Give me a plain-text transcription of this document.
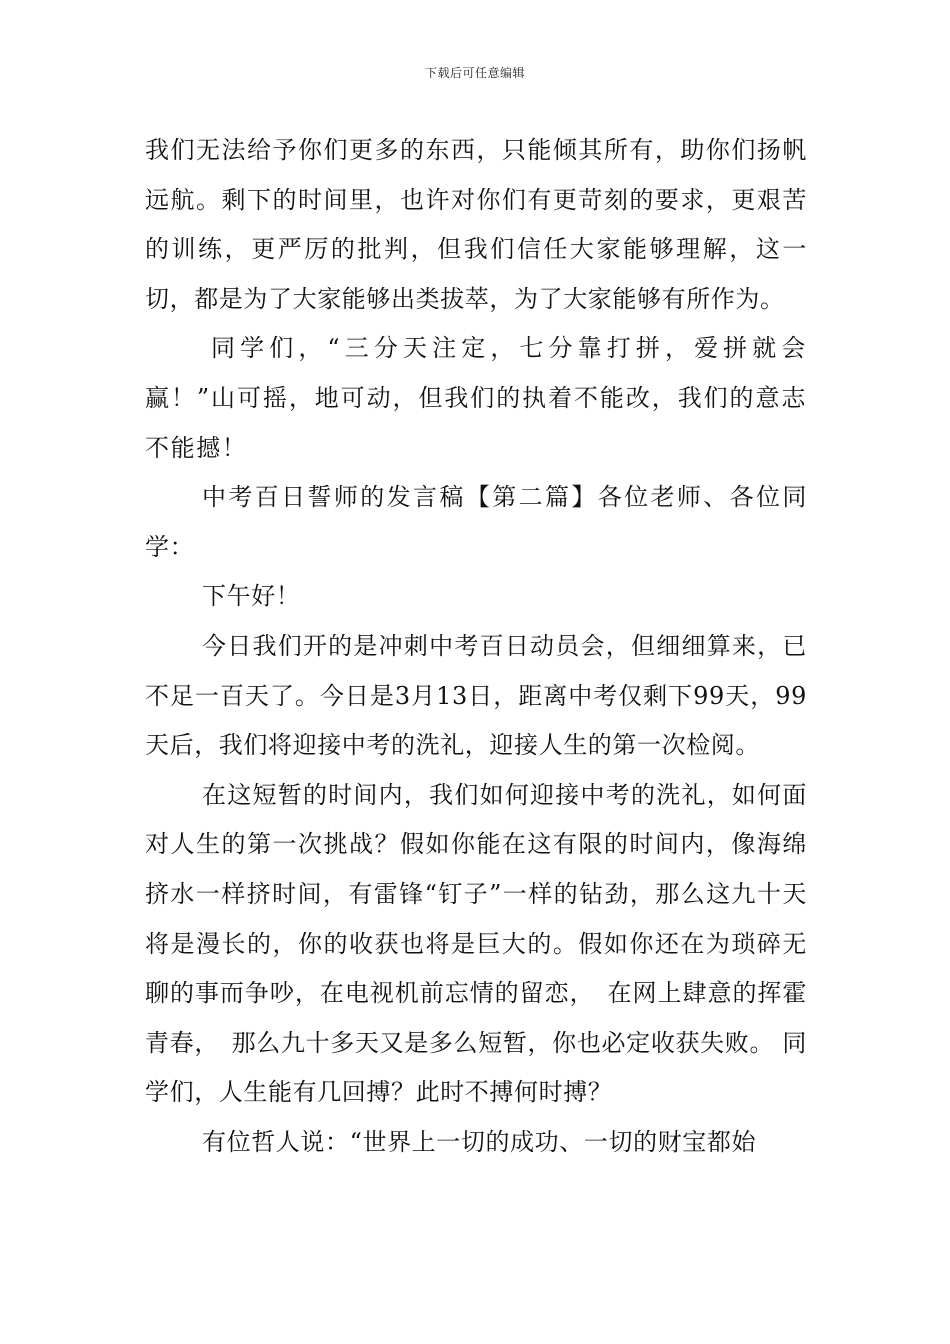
下载后可任意编辑

我们无法给予你们更多的东西，只能倾其所有，助你们扬帆远航。剩下的时间里，也许对你们有更苛刻的要求，更艰苦的训练，更严厉的批判，但我们信任大家能够理解，这一切，都是为了大家能够出类拔萃，为了大家能够有所作为。

同学们，“三分天注定，七分靠打拼，爱拼就会赢！”山可摇，地可动，但我们的执着不能改，我们的意志不能撼！

中考百日誓师的发言稿【第二篇】各位老师、各位同学：

下午好！

今日我们开的是冲刺中考百日动员会，但细细算来，已不足一百天了。今日是3月13日，距离中考仅剩下99天，99天后，我们将迎接中考的洗礼，迎接人生的第一次检阅。

在这短暂的时间内，我们如何迎接中考的洗礼，如何面对人生的第一次挑战？假如你能在这有限的时间内，像海绵挤水一样挤时间，有雷锋“钉子”一样的钻劲，那么这九十天将是漫长的，你的收获也将是巨大的。假如你还在为琐碎无聊的事而争吵，在电视机前忘情的留恋，　在网上肆意的挥霍青春，　那么九十多天又是多么短暂，你也必定收获失败。 同学们，人生能有几回搏？此时不搏何时搏？

有位哲人说：“世界上一切的成功、一切的财宝都始
